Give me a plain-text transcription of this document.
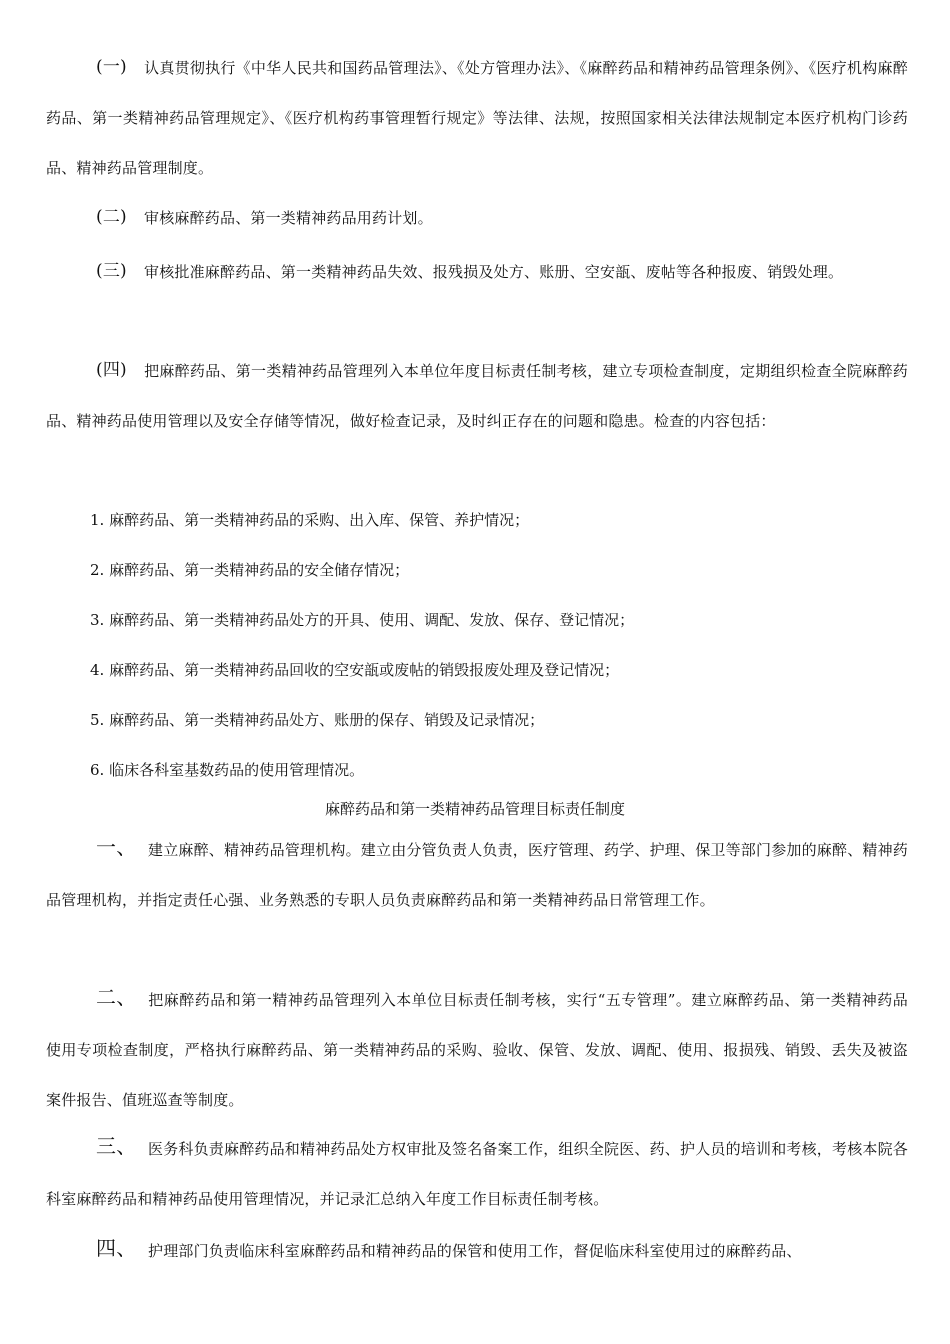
(一) 认真贯彻执行《中华人民共和国药品管理法》、《处方管理办法》、《麻醉药品和精神药品管理条例》、《医疗机构麻醉药品、第一类精神药品管理规定》、《医疗机构药事管理暂行规定》等法律、法规，按照国家相关法律法规制定本医疗机构门诊药品、精神药品管理制度。
(二) 审核麻醉药品、第一类精神药品用药计划。
(三) 审核批准麻醉药品、第一类精神药品失效、报残损及处方、账册、空安瓿、废帖等各种报废、销毁处理。
(四) 把麻醉药品、第一类精神药品管理列入本单位年度目标责任制考核，建立专项检查制度，定期组织检查全院麻醉药品、精神药品使用管理以及安全存储等情况，做好检查记录，及时纠正存在的问题和隐患。检查的内容包括：
1. 麻醉药品、第一类精神药品的采购、出入库、保管、养护情况；
2. 麻醉药品、第一类精神药品的安全储存情况；
3. 麻醉药品、第一类精神药品处方的开具、使用、调配、发放、保存、登记情况；
4. 麻醉药品、第一类精神药品回收的空安瓿或废帖的销毁报废处理及登记情况；
5. 麻醉药品、第一类精神药品处方、账册的保存、销毁及记录情况；
6. 临床各科室基数药品的使用管理情况。
麻醉药品和第一类精神药品管理目标责任制度
一、 建立麻醉、精神药品管理机构。建立由分管负责人负责，医疗管理、药学、护理、保卫等部门参加的麻醉、精神药品管理机构，并指定责任心强、业务熟悉的专职人员负责麻醉药品和第一类精神药品日常管理工作。
二、 把麻醉药品和第一精神药品管理列入本单位目标责任制考核，实行“五专管理”。建立麻醉药品、第一类精神药品使用专项检查制度，严格执行麻醉药品、第一类精神药品的采购、验收、保管、发放、调配、使用、报损残、销毁、丢失及被盗案件报告、值班巡查等制度。
三、 医务科负责麻醉药品和精神药品处方权审批及签名备案工作，组织全院医、药、护人员的培训和考核，考核本院各科室麻醉药品和精神药品使用管理情况，并记录汇总纳入年度工作目标责任制考核。
四、 护理部门负责临床科室麻醉药品和精神药品的保管和使用工作，督促临床科室使用过的麻醉药品、
